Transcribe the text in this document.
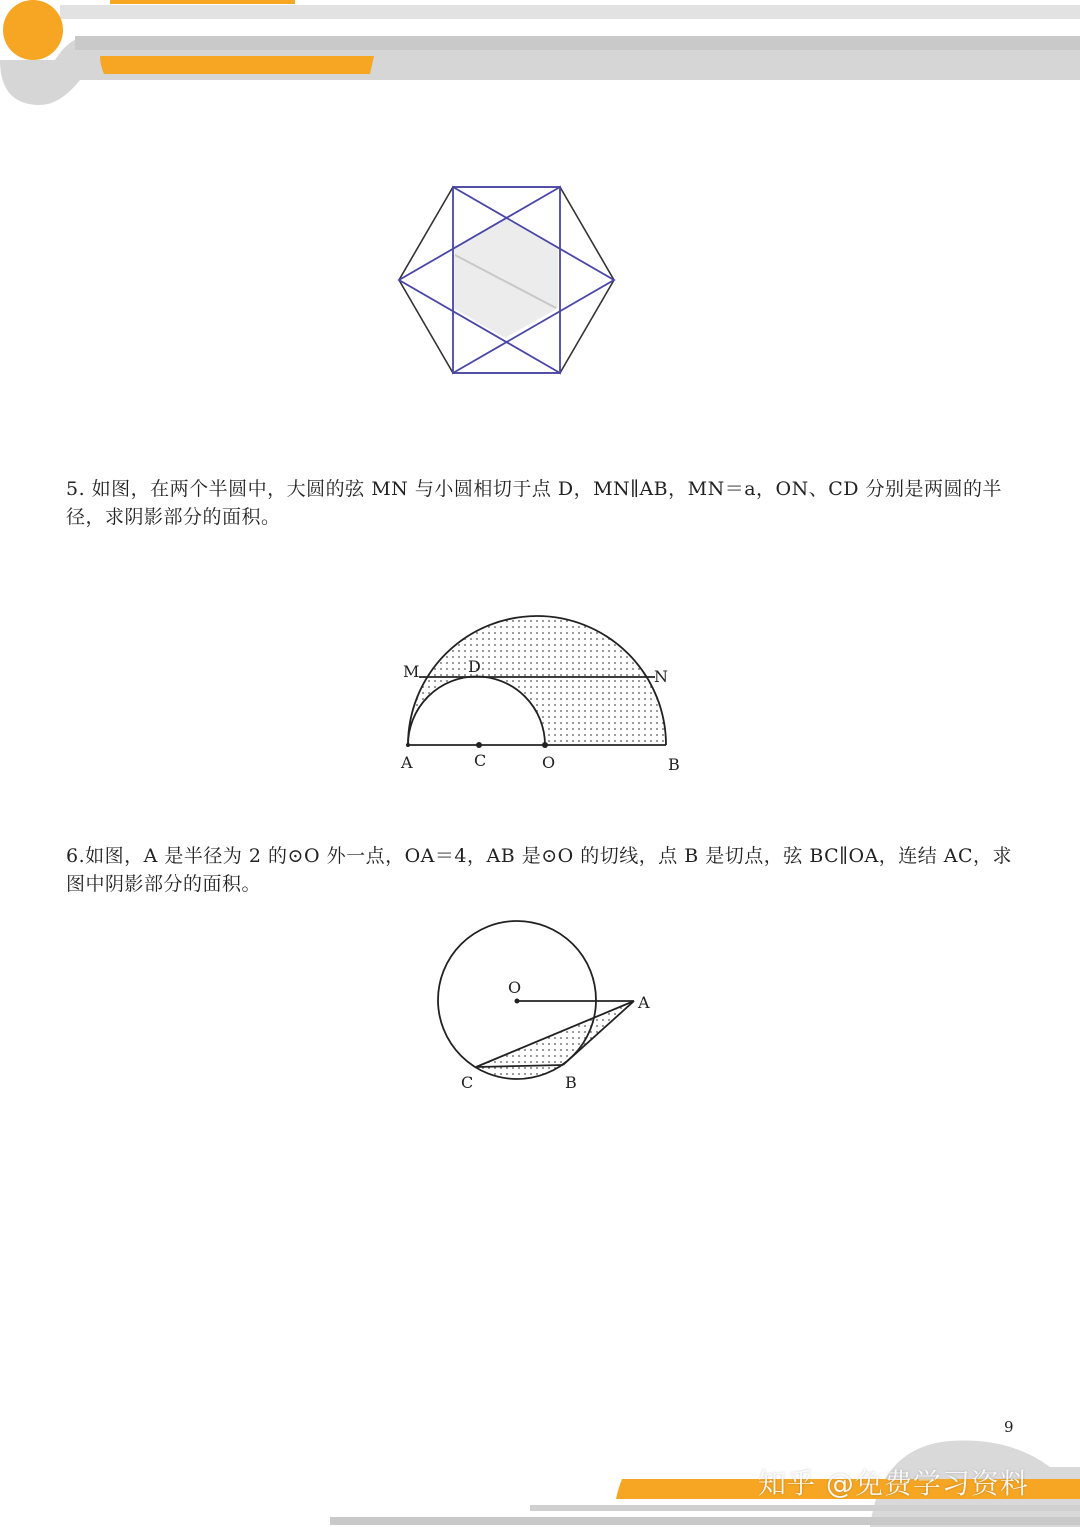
5. 如图，在两个半圆中，大圆的弦 MN 与小圆相切于点 D，MN∥AB，MN＝a，ON、CD 分别是两圆的半径，求阴影部分的面积。
M	D
N
A	C	O	B
6.如图，A 是半径为 2 的⊙O 外一点，OA＝4，AB 是⊙O 的切线，点 B 是切点，弦 BC∥OA，连结 AC，求图中阴影部分的面积。
O
A
C	B
9
知乎 @免费学习资料
